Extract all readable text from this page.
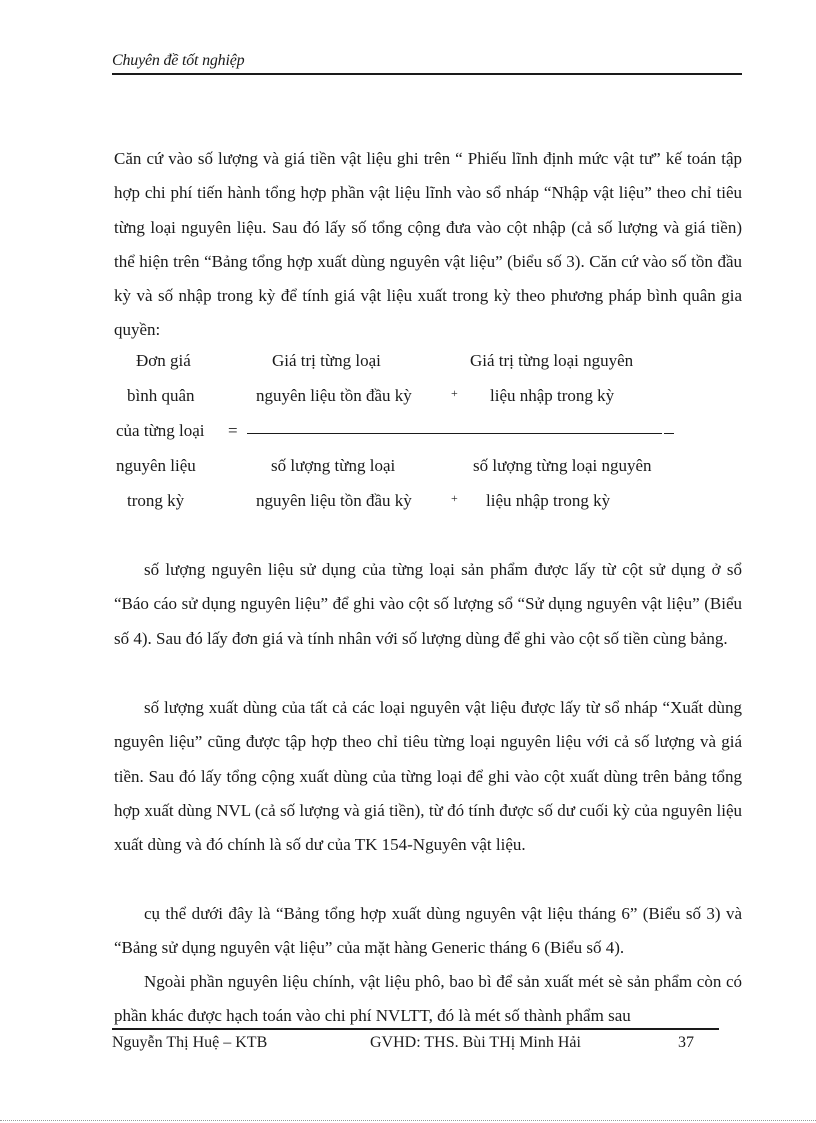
Chuyên đề tốt nghiệp

Căn cứ vào số lượng và giá tiền vật liệu ghi trên “ Phiếu lĩnh định mức vật tư” kế toán tập hợp chi phí tiến hành tổng hợp phần vật liệu lĩnh vào sổ nháp “Nhập vật liệu” theo chỉ tiêu từng loại nguyên liệu. Sau đó lấy số tổng cộng đưa vào cột nhập (cả số lượng và giá tiền) thể hiện trên “Bảng tổng hợp xuất dùng nguyên vật liệu” (biểu số 3). Căn cứ vào số tồn đầu kỳ và số nhập trong kỳ để tính giá vật liệu xuất trong kỳ theo phương pháp bình quân gia quyền:

Đơn giá
bình quân
của từng loại
nguyên liệu
trong kỳ
=
Giá trị từng loại
nguyên liệu tồn đầu kỳ	+
Giá trị từng loại nguyên
liệu nhập trong kỳ
số lượng từng loại
nguyên liệu tồn đầu kỳ	+
số lượng từng loại nguyên
liệu nhập trong kỳ

số lượng nguyên liệu sử dụng của từng loại sản phẩm được lấy từ cột sử dụng ở sổ “Báo cáo sử dụng nguyên liệu” để ghi vào cột số lượng sổ “Sử dụng nguyên vật liệu” (Biểu số 4). Sau đó lấy đơn giá và tính nhân với số lượng dùng để ghi vào cột số tiền cùng bảng.

số lượng xuất dùng của tất cả các loại nguyên vật liệu được lấy từ sổ nháp “Xuất dùng nguyên liệu” cũng được tập hợp theo chỉ tiêu từng loại nguyên liệu với cả số lượng và giá tiền. Sau đó lấy tổng cộng xuất dùng của từng loại để ghi vào cột xuất dùng trên bảng tổng hợp xuất dùng NVL (cả số lượng và giá tiền), từ đó tính được số dư cuối kỳ của nguyên liệu xuất dùng và đó chính là số dư của TK 154-Nguyên vật liệu.

cụ thể dưới đây là “Bảng tổng hợp xuất dùng nguyên vật liệu tháng 6” (Biểu số 3) và “Bảng sử dụng nguyên vật liệu” của mặt hàng Generic tháng 6 (Biểu số 4).

Ngoài phần nguyên liệu chính, vật liệu phô, bao bì để sản xuất mét sè sản phẩm còn có phần khác được hạch toán vào chi phí NVLTT, đó là mét số thành phẩm sau

Nguyễn Thị Huệ – KTB	GVHD: THS. Bùi THị Minh Hải	37
